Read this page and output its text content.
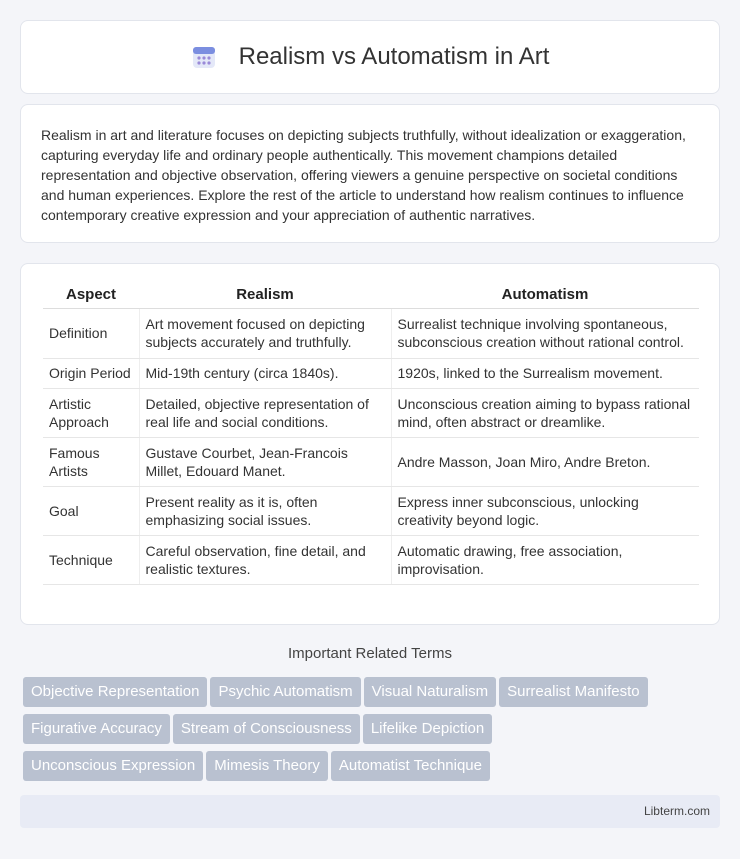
Realism vs Automatism in Art

Realism in art and literature focuses on depicting subjects truthfully, without idealization or exaggeration, capturing everyday life and ordinary people authentically. This movement champions detailed representation and objective observation, offering viewers a genuine perspective on societal conditions and human experiences. Explore the rest of the article to understand how realism continues to influence contemporary creative expression and your appreciation of authentic narratives.

Aspect	Realism	Automatism
Definition	Art movement focused on depicting subjects accurately and truthfully.	Surrealist technique involving spontaneous, subconscious creation without rational control.
Origin Period	Mid-19th century (circa 1840s).	1920s, linked to the Surrealism movement.
Artistic Approach	Detailed, objective representation of real life and social conditions.	Unconscious creation aiming to bypass rational mind, often abstract or dreamlike.
Famous Artists	Gustave Courbet, Jean-Francois Millet, Edouard Manet.	Andre Masson, Joan Miro, Andre Breton.
Goal	Present reality as it is, often emphasizing social issues.	Express inner subconscious, unlocking creativity beyond logic.
Technique	Careful observation, fine detail, and realistic textures.	Automatic drawing, free association, improvisation.
Important Related Terms
Objective Representation Psychic Automatism Visual Naturalism Surrealist Manifesto
Figurative Accuracy Stream of Consciousness Lifelike Depiction
Unconscious Expression Mimesis Theory Automatist Technique
Libterm.com
